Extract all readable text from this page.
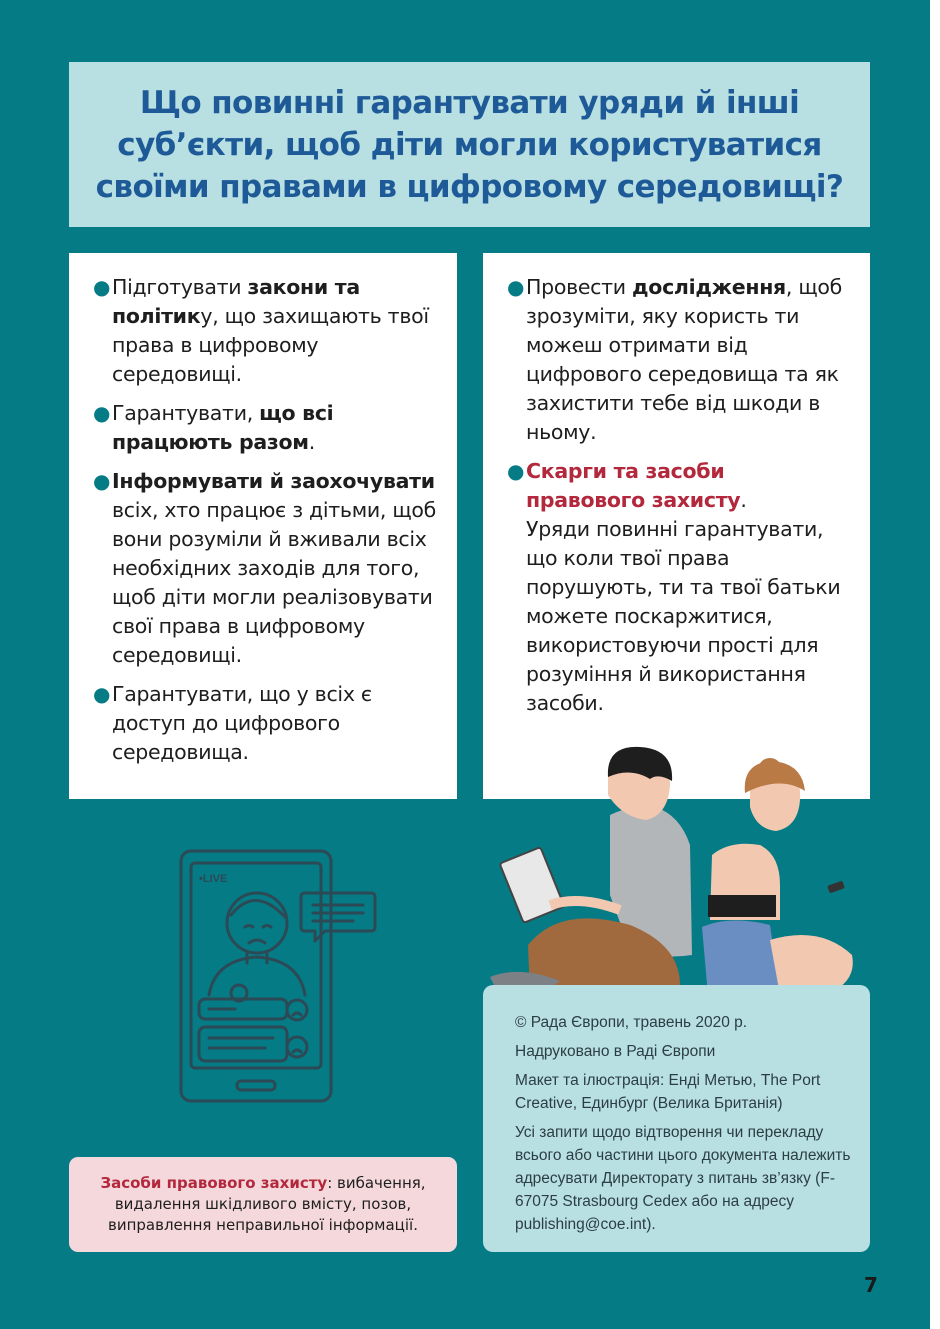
Що повинні гарантувати уряди й інші суб’єкти, щоб діти могли користуватися своїми правами в цифровому середовищі?
● Підготувати закони та політику, що захищають твої права в цифровому середовищі.
● Гарантувати, що всі працюють разом.
● Інформувати й заохочувати всіх, хто працює з дітьми, щоб вони розуміли й вживали всіх необхідних заходів для того, щоб діти могли реалізовувати свої права в цифровому середовищі.
● Гарантувати, що у всіх є доступ до цифрового середовища.
● Провести дослідження, щоб зрозуміти, яку користь ти можеш отримати від цифрового середовища та як захистити тебе від шкоди в ньому.
● Скарги та засоби правового захисту.
Уряди повинні гарантувати, що коли твої права порушують, ти та твої батьки можете поскаржитися, використовуючи прості для розуміння й використання засоби.
•LIVE
Засоби правового захисту: вибачення, видалення шкідливого вмісту, позов, виправлення неправильної інформації.

© Рада Європи, травень 2020 р.

Надруковано в Раді Європи

Макет та ілюстрація: Енді Метью, The Port Creative, Единбург (Велика Британія)

Усі запити щодо відтворення чи перекладу всього або частини цього документа належить адресувати Директорату з питань зв’язку (F-67075 Strasbourg Cedex або на адресу publishing@coe.int).

7
